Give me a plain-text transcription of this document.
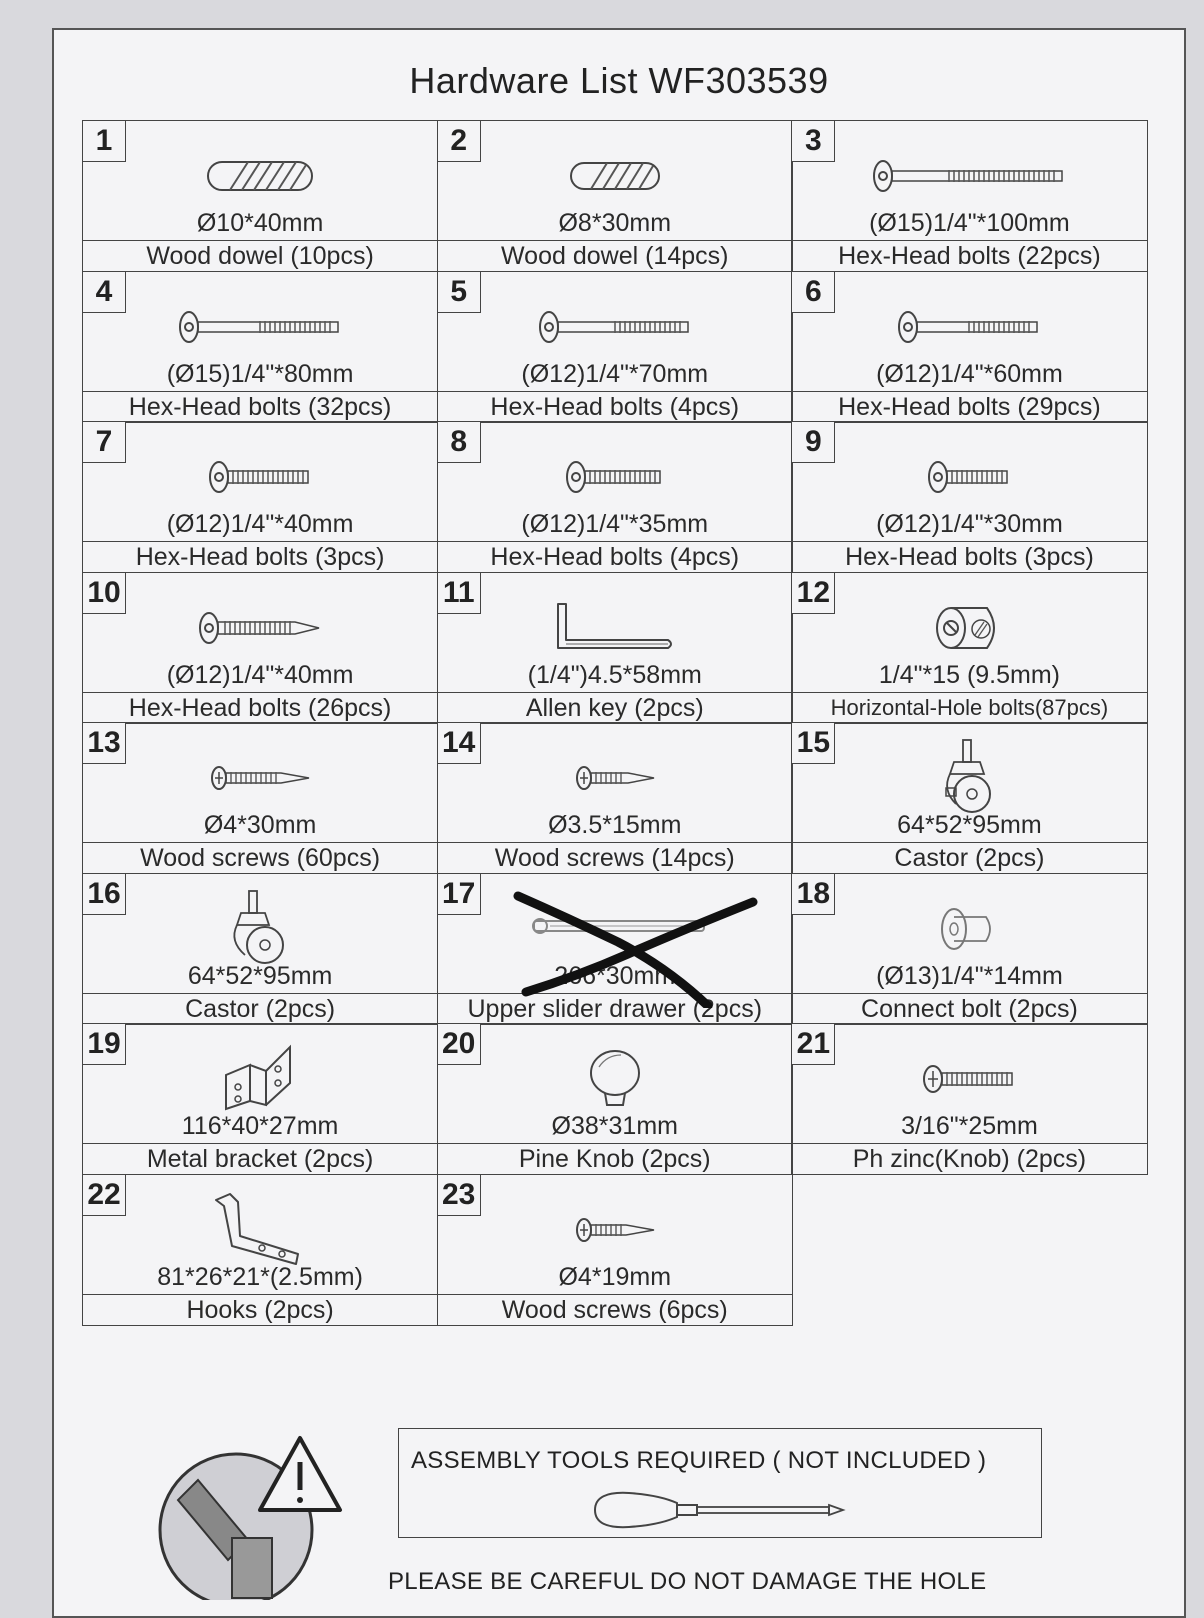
Hardware List WF303539
1
Ø10*40mm
Wood dowel (10pcs)
2
Ø8*30mm
Wood dowel (14pcs)
3
(Ø15)1/4"*100mm
Hex-Head bolts (22pcs)
4
(Ø15)1/4"*80mm
Hex-Head bolts (32pcs)
5
(Ø12)1/4"*70mm
Hex-Head bolts (4pcs)
6
(Ø12)1/4"*60mm
Hex-Head bolts (29pcs)
7
(Ø12)1/4"*40mm
Hex-Head bolts (3pcs)
8
(Ø12)1/4"*35mm
Hex-Head bolts (4pcs)
9
(Ø12)1/4"*30mm
Hex-Head bolts (3pcs)
10
(Ø12)1/4"*40mm
Hex-Head bolts (26pcs)
11
(1/4")4.5*58mm
Allen key (2pcs)
12
1/4"*15 (9.5mm)
Horizontal-Hole bolts(87pcs)
13
Ø4*30mm
Wood screws (60pcs)
14
Ø3.5*15mm
Wood screws (14pcs)
15
64*52*95mm
Castor (2pcs)
16
64*52*95mm
Castor (2pcs)
17
266*30mm
Upper slider drawer (2pcs)
18
(Ø13)1/4"*14mm
Connect bolt (2pcs)
19
116*40*27mm
Metal bracket (2pcs)
20
Ø38*31mm
Pine Knob (2pcs)
21
3/16"*25mm
Ph zinc(Knob) (2pcs)
22
81*26*21*(2.5mm)
Hooks (2pcs)
23
Ø4*19mm
Wood screws (6pcs)
ASSEMBLY TOOLS REQUIRED ( NOT INCLUDED )
PLEASE BE CAREFUL DO NOT DAMAGE THE HOLE
